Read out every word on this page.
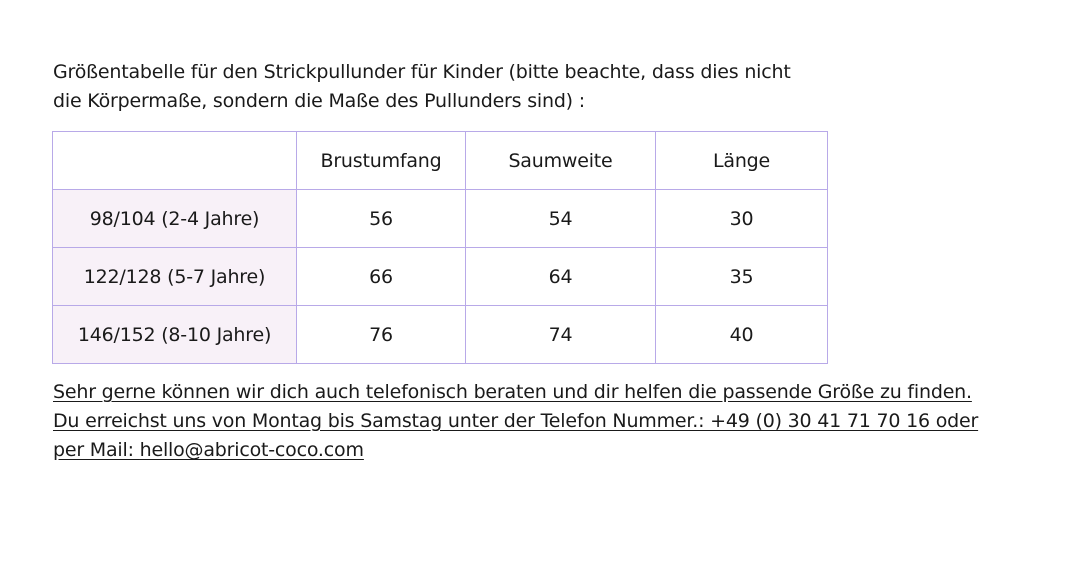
Größentabelle für den Strickpullunder für Kinder (bitte beachte, dass dies nicht
die Körpermaße, sondern die Maße des Pullunders sind) :

	Brustumfang	Saumweite	Länge
98/104 (2-4 Jahre)	56	54	30
122/128 (5-7 Jahre)	66	64	35
146/152 (8-10 Jahre)	76	74	40

Sehr gerne können wir dich auch telefonisch beraten und dir helfen die passende Größe zu finden.
Du erreichst uns von Montag bis Samstag unter der Telefon Nummer.: +49 (0) 30 41 71 70 16 oder
per Mail: hello@abricot-coco.com
